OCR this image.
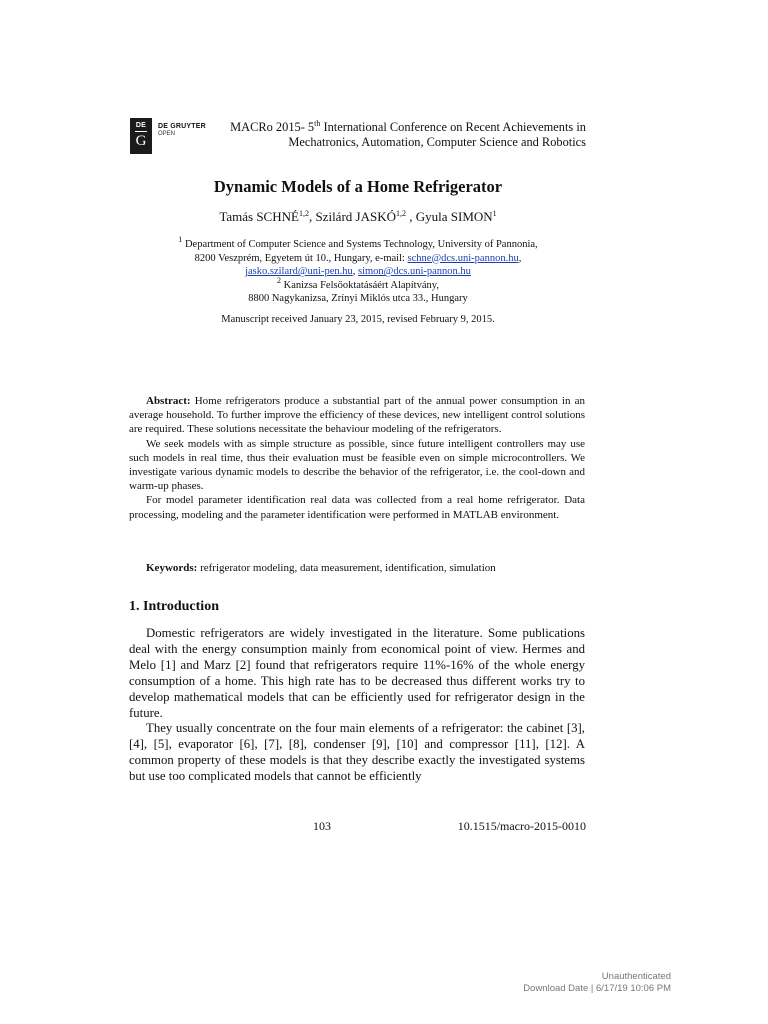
DE
G
DE GRUYTER
OPEN	MACRo 2015- 5th International Conference on Recent Achievements in
Mechatronics, Automation, Computer Science and Robotics
Dynamic Models of a Home Refrigerator
Tamás SCHNÉ$^{1,2}$, Szilárd JASKÓ$^{1,2}$ , Gyula SIMON$^1$
$^1$ Department of Computer Science and Systems Technology, University of Pannonia,
8200 Veszprém, Egyetem út 10., Hungary, e-mail: schne@dcs.uni-pannon.hu,
jasko.szilard@uni-pen.hu, simon@dcs.uni-pannon.hu
$^2$ Kanizsa Felsőoktatásáért Alapítvány,
8800 Nagykanizsa, Zrínyi Miklós utca 33., Hungary
Manuscript received January 23, 2015, revised February 9, 2015.

Abstract: Home refrigerators produce a substantial part of the annual power consumption in an average household. To further improve the efficiency of these devices, new intelligent control solutions are required. These solutions necessitate the behaviour modeling of the refrigerators.

We seek models with as simple structure as possible, since future intelligent controllers may use such models in real time, thus their evaluation must be feasible even on simple microcontrollers. We investigate various dynamic models to describe the behavior of the refrigerator, i.e. the cool-down and warm-up phases.

For model parameter identification real data was collected from a real home refrigerator. Data processing, modeling and the parameter identification were performed in MATLAB environment.

Keywords: refrigerator modeling, data measurement, identification, simulation
1. Introduction

Domestic refrigerators are widely investigated in the literature. Some publications deal with the energy consumption mainly from economical point of view. Hermes and Melo [1] and Marz [2] found that refrigerators require 11%-16% of the whole energy consumption of a home. This high rate has to be decreased thus different works try to develop mathematical models that can be efficiently used for refrigerator design in the future.

They usually concentrate on the four main elements of a refrigerator: the cabinet [3], [4], [5], evaporator [6], [7], [8], condenser [9], [10] and compressor [11], [12]. A common property of these models is that they describe exactly the investigated systems but use too complicated models that cannot be efficiently

103	10.1515/macro-2015-0010
Unauthenticated
Download Date | 6/17/19 10:06 PM
